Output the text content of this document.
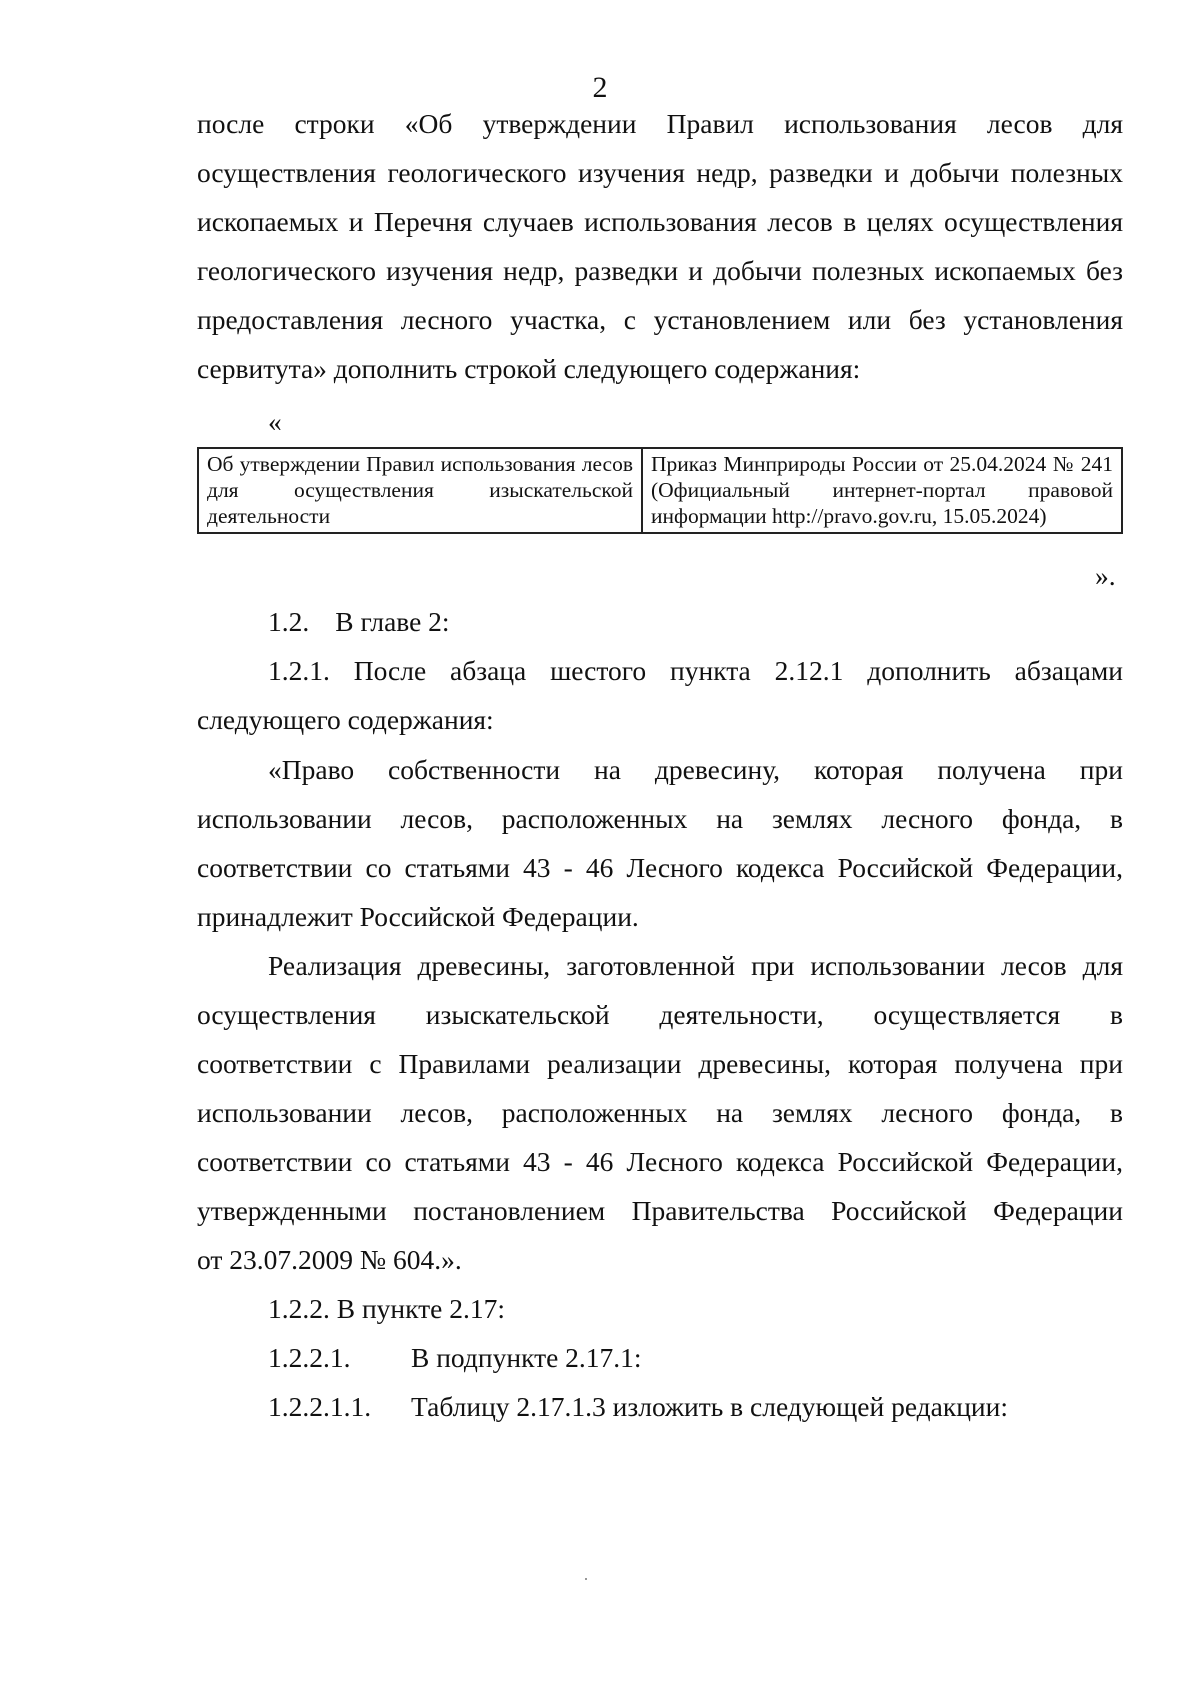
2
после строки «Об утверждении Правил использования лесов для
осуществления геологического изучения недр, разведки и добычи полезных
ископаемых и Перечня случаев использования лесов в целях осуществления
геологического изучения недр, разведки и добычи полезных ископаемых без
предоставления лесного участка, с установлением или без установления
сервитута» дополнить строкой следующего содержания:
«
Об утверждении Правил использования лесов для осуществления изыскательской деятельности	Приказ Минприроды России от 25.04.2024 № 241 (Официальный интернет-портал правовой информации http://pravo.gov.ru, 15.05.2024)
».
1.2. В главе 2:
1.2.1. После абзаца шестого пункта 2.12.1 дополнить абзацами
следующего содержания:
«Право собственности на древесину, которая получена при
использовании лесов, расположенных на землях лесного фонда, в
соответствии со статьями 43 - 46 Лесного кодекса Российской Федерации,
принадлежит Российской Федерации.
Реализация древесины, заготовленной при использовании лесов для
осуществления изыскательской деятельности, осуществляется в
соответствии с Правилами реализации древесины, которая получена при
использовании лесов, расположенных на землях лесного фонда, в
соответствии со статьями 43 - 46 Лесного кодекса Российской Федерации,
утвержденными постановлением Правительства Российской Федерации
от 23.07.2009 № 604.».
1.2.2. В пункте 2.17:
1.2.2.1. В подпункте 2.17.1:
1.2.2.1.1. Таблицу 2.17.1.3 изложить в следующей редакции:
